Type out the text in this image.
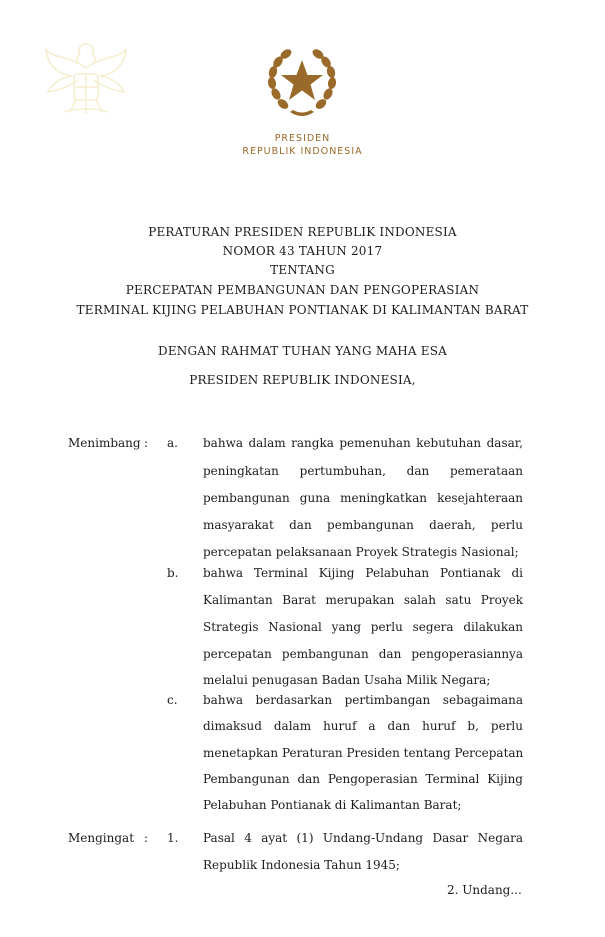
PRESIDEN
REPUBLIK INDONESIA
PERATURAN PRESIDEN REPUBLIK INDONESIA
NOMOR 43 TAHUN 2017
TENTANG
PERCEPATAN PEMBANGUNAN DAN PENGOPERASIAN
TERMINAL KIJING PELABUHAN PONTIANAK DI KALIMANTAN BARAT
DENGAN RAHMAT TUHAN YANG MAHA ESA
PRESIDEN REPUBLIK INDONESIA,
Menimbang : a. bahwa dalam rangka pemenuhan kebutuhan dasar,
peningkatan pertumbuhan, dan pemerataan
pembangunan guna meningkatkan kesejahteraan
masyarakat dan pembangunan daerah, perlu
percepatan pelaksanaan Proyek Strategis Nasional;
b. bahwa Terminal Kijing Pelabuhan Pontianak di
Kalimantan Barat merupakan salah satu Proyek
Strategis Nasional yang perlu segera dilakukan
percepatan pembangunan dan pengoperasiannya
melalui penugasan Badan Usaha Milik Negara;
c. bahwa berdasarkan pertimbangan sebagaimana
dimaksud dalam huruf a dan huruf b, perlu
menetapkan Peraturan Presiden tentang Percepatan
Pembangunan dan Pengoperasian Terminal Kijing
Pelabuhan Pontianak di Kalimantan Barat;
Mengingat : 1. Pasal 4 ayat (1) Undang-Undang Dasar Negara
Republik Indonesia Tahun 1945;
2. Undang...
